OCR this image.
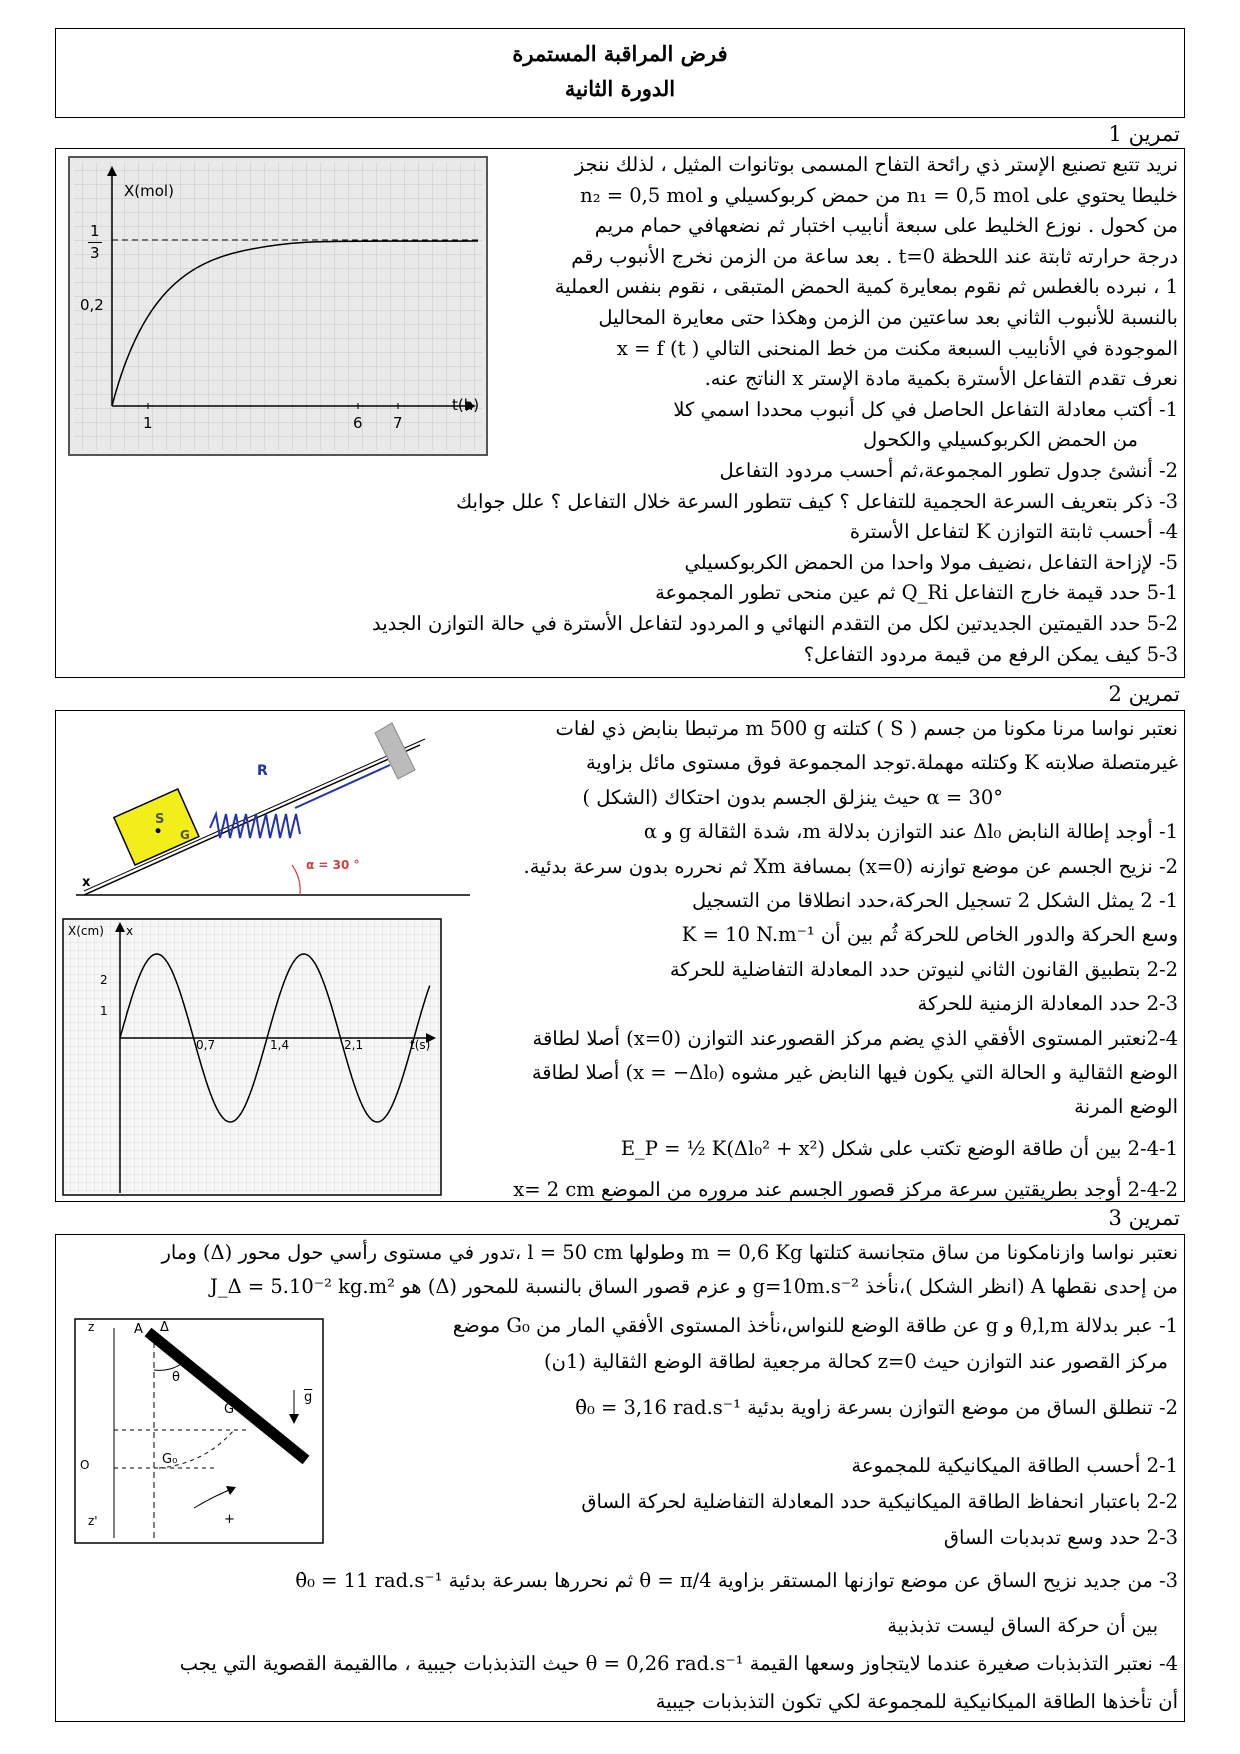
فرض المراقبة المستمرة
الدورة الثانية
تمرين 1
X(mol)
t(h)
1
3
0,2
1	6 7
نريد تتبع تصنيع الإستر ذي رائحة التفاح المسمى بوتانوات المثيل ، لذلك ننجز
خليطا يحتوي على n₁ = 0,5 mol من حمض كربوكسيلي و n₂ = 0,5 mol
من كحول . نوزع الخليط على سبعة أنابيب اختبار ثم نضعهافي حمام مريم
درجة حرارته ثابتة عند اللحظة t=0 . بعد ساعة من الزمن نخرج الأنبوب رقم
1 ، نبرده بالغطس ثم نقوم بمعايرة كمية الحمض المتبقى ، نقوم بنفس العملية
بالنسبة للأنبوب الثاني بعد ساعتين من الزمن وهكذا حتى معايرة المحاليل
الموجودة في الأنابيب السبعة مكنت من خط المنحنى التالي ( x = f (t
نعرف تقدم التفاعل الأسترة بكمية مادة الإستر x الناتج عنه.
1- أكتب معادلة التفاعل الحاصل في كل أنبوب محددا اسمي كلا
من الحمض الكربوكسيلي والكحول
2- أنشئ جدول تطور المجموعة،ثم أحسب مردود التفاعل
3- ذكر بتعريف السرعة الحجمية للتفاعل ؟ كيف تتطور السرعة خلال التفاعل ؟ علل جوابك
4- أحسب ثابتة التوازن K لتفاعل الأسترة
5- لإزاحة التفاعل ،نضيف مولا واحدا من الحمض الكربوكسيلي
5-1 حدد قيمة خارج التفاعل Q_Ri ثم عين منحى تطور المجموعة
5-2 حدد القيمتين الجديدتين لكل من التقدم النهائي و المردود لتفاعل الأسترة في حالة التوازن الجديد
5-3 كيف يمكن الرفع من قيمة مردود التفاعل؟
تمرين 2
R
S
G
α = 30 °
x
X(cm) x
t(s)
2
1
0,7	1,4	2,1
نعتبر نواسا مرنا مكونا من جسم ( S ) كتلته m 500 g مرتبطا بنابض ذي لفات
غيرمتصلة صلابته K وكتلته مهملة.توجد المجموعة فوق مستوى مائل بزاوية
α = 30° حيث ينزلق الجسم بدون احتكاك (الشكل )
1- أوجد إطالة النابض Δl₀ عند التوازن بدلالة m، شدة الثقالة g و α
2- نزيح الجسم عن موضع توازنه (x=0) بمسافة Xm ثم نحرره بدون سرعة بدئية.
1- 2 يمثل الشكل 2 تسجيل الحركة،حدد انطلاقا من التسجيل
وسع الحركة والدور الخاص للحركة ثُم بين أن K = 10 N.m⁻¹
2-2 بتطبيق القانون الثاني لنيوتن حدد المعادلة التفاضلية للحركة
2-3 حدد المعادلة الزمنية للحركة
2-4نعتبر المستوى الأفقي الذي يضم مركز القصورعند التوازن (x=0) أصلا لطاقة
الوضع الثقالية و الحالة التي يكون فيها النابض غير مشوه (x = −Δl₀) أصلا لطاقة
الوضع المرنة
2-4-1 بين أن طاقة الوضع تكتب على شكل E_P = ½ K(Δl₀² + x²)
2-4-2 أوجد بطريقتين سرعة مركز قصور الجسم عند مروره من الموضع x= 2 cm
تمرين 3
z
z'
A Δ
θ
$\overline{g}$
G
G₀
O
+
نعتبر نواسا وازنامكونا من ساق متجانسة كتلتها m = 0,6 Kg وطولها l = 50 cm ،تدور في مستوى رأسي حول محور (Δ) ومار
من إحدى نقطها A (انظر الشكل )،نأخذ g=10m.s⁻² و عزم قصور الساق بالنسبة للمحور (Δ) هو J_Δ = 5.10⁻² kg.m²
1- عبر بدلالة θ,l,m و g عن طاقة الوضع للنواس،نأخذ المستوى الأفقي المار من G₀ موضع
مركز القصور عند التوازن حيث z=0 كحالة مرجعية لطاقة الوضع الثقالية (1ن)
2- تنطلق الساق من موضع التوازن بسرعة زاوية بدئية θ̇₀ = 3,16 rad.s⁻¹
2-1 أحسب الطاقة الميكانيكية للمجموعة
2-2 باعتبار انحفاظ الطاقة الميكانيكية حدد المعادلة التفاضلية لحركة الساق
2-3 حدد وسع تدبدبات الساق
3- من جديد نزيح الساق عن موضع توازنها المستقر بزاوية θ = π/4 ثم نحررها بسرعة بدئية θ̇₀ = 11 rad.s⁻¹
بين أن حركة الساق ليست تذبذبية
4- نعتبر التذبذبات صغيرة عندما لايتجاوز وسعها القيمة θ = 0,26 rad.s⁻¹ حيث التذبذبات جيبية ، ماالقيمة القصوية التي يجب
أن تأخذها الطاقة الميكانيكية للمجموعة لكي تكون التذبذبات جيبية
